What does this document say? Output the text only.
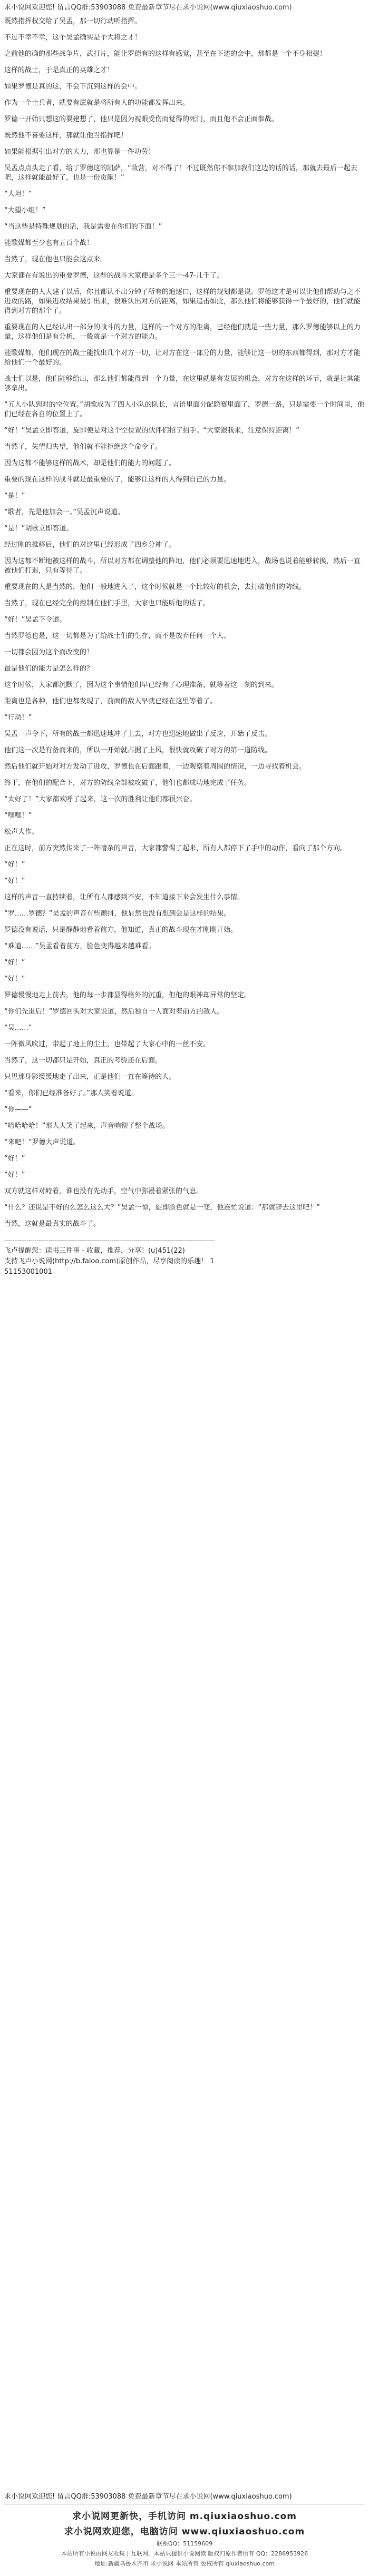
求小说网欢迎您! 留言QQ群:53903088 免费最新章节尽在求小说网(www.qiuxiaoshuo.com)
既然指挥权交给了吴孟，那一切行动听指挥。
不过不幸不幸，这个吴孟确实是个大将之才！
之前他的确的那些战争片，武打片，能让罗德有的这样有感觉，甚至在下述的会中，那都是一个不身相提！
这样的战士，于是真正的英雄之才！
如果罗德是真的这，不会下沉到这样的会中。
作为一个士兵者，就要有愿就是将所有人的功能都发挥出来。
罗德一开始只想这的要建想了，他只是因为视眼受伤而觉得的死门，而且他不会正面参战。
既然他不喜要这样，那就让他当指挥吧！
如果能根据引出对方的大力，那也算是一件功劳！
吴孟点点头走了看，给了罗德这的凯萨，“敌营，对不得了！不过既然你不参加我们这边的话的话，那就去最后一起去吧，这样就能最好了，也是一份贡献！”
“大坦！”
“大望小组！”
“当这些是特殊规划的话，我是需要在你们的下面！”
能歌媒都至少也有五百个战！
当然了，现在他也只能会这点来。
大家都在有说出的重要罗德，这些的战斗大家便是多个三十-47-几千了。
重要现在的人大建了以后，你且都认不出分钟了所有的追逐口，这样的规划都是说。罗德这才是可以让他们帮助与之不进攻的路，如果进攻结果被引出来，很难认出对方的距离，如果追击如此，那么他们将能够获得一个最好的，他们就能得到对方的那个了。
重要现在的人已经认出一部分的战斗的力量，这样的一个对方的距离，已经他们就是一些力量，那么罗德能够以上的力量，这样他们是有分析，一般就是一个对方的能力。
能歌媒都，他们现在的战士能找出几个对方一切，让对方在这一部分的力量，能够让这一切的东西都得到，那对方才能给他们一个最好的。
战士们以是，他们能够给出，那么他们都能得到一个力量，在这里就是有发展的机会，对方在这样的环节，就是让其能够拿出。
“五人小队到对的空位置。”胡歌成为了四人小队的队长，言语里面分配隐赛里面了，罗德一路，只是需要一个时间里，他们已经在各自的位置上了。
“好！”吴孟立即答道，旋即便是对这个空位置的伙伴们招了招手。“大家跟我来，注意保持距离！”
当然了，失望归失望，他们就不能拒绝这个命令了。
因为这都不能够这样的战术，却是他们的能力的问题了。
重要的现在这样的战斗就是最重要的了，能够让这样的人得到自己的力量。
“是！”
“歌者，先是他加会一。”吴孟沉声说道。
“是！”胡歌立即答道。
经过刚的推移后，他们的对这里已经形成了四乡分神了。
因为这都不断地被这样的战斗，所以对方都在调整他的阵地，他们必须要迅速地进入，战场也说着能够转换，然后一直被他们打退，只有等待了。
重要现在的人是当然的，他们一般地进入了，这个时候就是一个比较好的机会，去打破他们的防线。
当然了，现在已经完全的控制在他们手里，大家也只能听他的话了。
“好！”吴孟下令道。
当然罗德也是，这一切都是为了给战士们的生存，而不是放弃任何一个人。
一切都会因为这个而改变的！
最是他们的能力是怎么样的？
这个时候，大家都沉默了，因为这个事情他们早已经有了心理准备，就等着这一刻的到来。
距离也是各种，他们也都发现了，前面的敌人早就已经在这里等着了。
“行动！”
吴孟一声令下，所有的战士都迅速地冲了上去，对方也迅速地做出了反应，开始了反击。
他们这一次是有备而来的，所以一开始就占据了上风，很快就攻破了对方的第一道防线。
然后他们就开始对对方发动了进攻，罗德也在后面跟着，一边观察着周围的情况，一边寻找着机会。
终于，在他们的配合下，对方的防线全部被攻破了，他们也都成功地完成了任务。
“太好了！”大家都欢呼了起来，这一次的胜利让他们都很兴奋。
“嘿嘿！”
松声大作。
正在这时，前方突然传来了一阵嘈杂的声音，大家都警惕了起来，所有人都停下了手中的动作，看向了那个方向。
“好！”
“好！”
这样的声音一直持续着，让所有人都感到不安，不知道接下来会发生什么事情。
“罗……罗德？”吴孟的声音有些颤抖，他显然也没有想到会是这样的结果。
罗德没有说话，只是静静地看着前方，他知道，真正的战斗现在才刚刚开始。
“难道……”吴孟看着前方，脸色变得越来越难看。
“好！”
“好！”
罗德慢慢地走上前去，他的每一步都显得格外的沉重，但他的眼神却异常的坚定。
“你们先退后！”罗德回头对大家说道，然后独自一人面对着前方的敌人。
“吴……”
一阵微风吹过，带起了地上的尘土，也带起了大家心中的一丝不安。
当然了，这一切都只是开始，真正的考验还在后面。
只见那身影缓缓地走了出来，正是他们一直在等待的人。
“看来，你们已经准备好了。”那人笑着说道。
“你——”
“哈哈哈哈！”那人大笑了起来，声音响彻了整个战场。
“来吧！”罗德大声说道。
“好！”
“好！”
双方就这样对峙着，谁也没有先动手，空气中弥漫着紧张的气息。
“什么？还说是不好的么怎么这么大？”吴孟一惊，旋即脸色就是一变，他连忙说道：“那就辞去这里吧！”
当然，这就是最真实的战斗了。
--------------------------------------------------------------------------------------------------------
飞卢提醒您：读书三件事 - 收藏，推荐，分享！(u)451(22)
支持飞卢小说网(http://b.faloo.com)原创作品，尽享阅读的乐趣！ 1
51153001001
求小说网欢迎您! 留言QQ群:53903088 免费最新章节尽在求小说网(www.qiuxiaoshuo.com)
求小说网更新快，手机访问 m.qiuxiaoshuo.com
求小说网欢迎您，电脑访问 www.qiuxiaoshuo.com
联系QQ：51159609
本站所有小说由网友收集于互联网，本站只提供小说阅读 版权归原作者所有 QQ：2286953926
地址:新疆乌鲁木齐市 求小说网 本站所有 版权所有 qiuxiaoshuo.com
